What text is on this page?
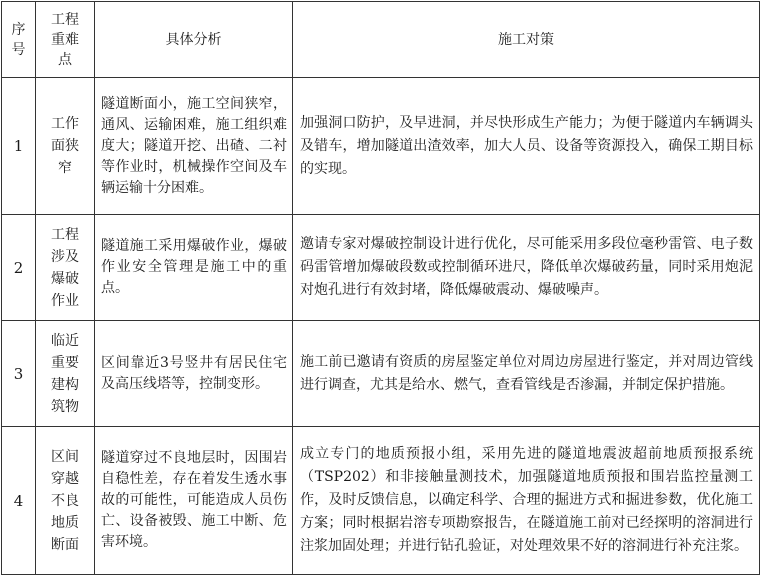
序
号	工程
重难
点	具体分析	施工对策

1	工作
面狭
窄	隧道断面小，施工空间狭窄，通风、运输困难，施工组织难度大；隧道开挖、出碴、二衬等作业时，机械操作空间及车辆运输十分困难。	加强洞口防护，及早进洞，并尽快形成生产能力；为便于隧道内车辆调头及错车，增加隧道出渣效率，加大人员、设备等资源投入，确保工期目标的实现。

2	工程
涉及
爆破
作业	隧道施工采用爆破作业，爆破作业安全管理是施工中的重点。	邀请专家对爆破控制设计进行优化，尽可能采用多段位毫秒雷管、电子数码雷管增加爆破段数或控制循环进尺，降低单次爆破药量，同时采用炮泥对炮孔进行有效封堵，降低爆破震动、爆破噪声。

3	临近
重要
建构
筑物	区间靠近3号竖井有居民住宅及高压线塔等，控制变形。	施工前已邀请有资质的房屋鉴定单位对周边房屋进行鉴定，并对周边管线进行调查，尤其是给水、燃气，查看管线是否渗漏，并制定保护措施。

4	区间
穿越
不良
地质
断面	隧道穿过不良地层时，因围岩自稳性差，存在着发生透水事故的可能性，可能造成人员伤亡、设备被毁、施工中断、危害环境。	成立专门的地质预报小组，采用先进的隧道地震波超前地质预报系统（TSP202）和非接触量测技术，加强隧道地质预报和围岩监控量测工作，及时反馈信息，以确定科学、合理的掘进方式和掘进参数，优化施工方案；同时根据岩溶专项勘察报告，在隧道施工前对已经探明的溶洞进行注浆加固处理；并进行钻孔验证，对处理效果不好的溶洞进行补充注浆。
